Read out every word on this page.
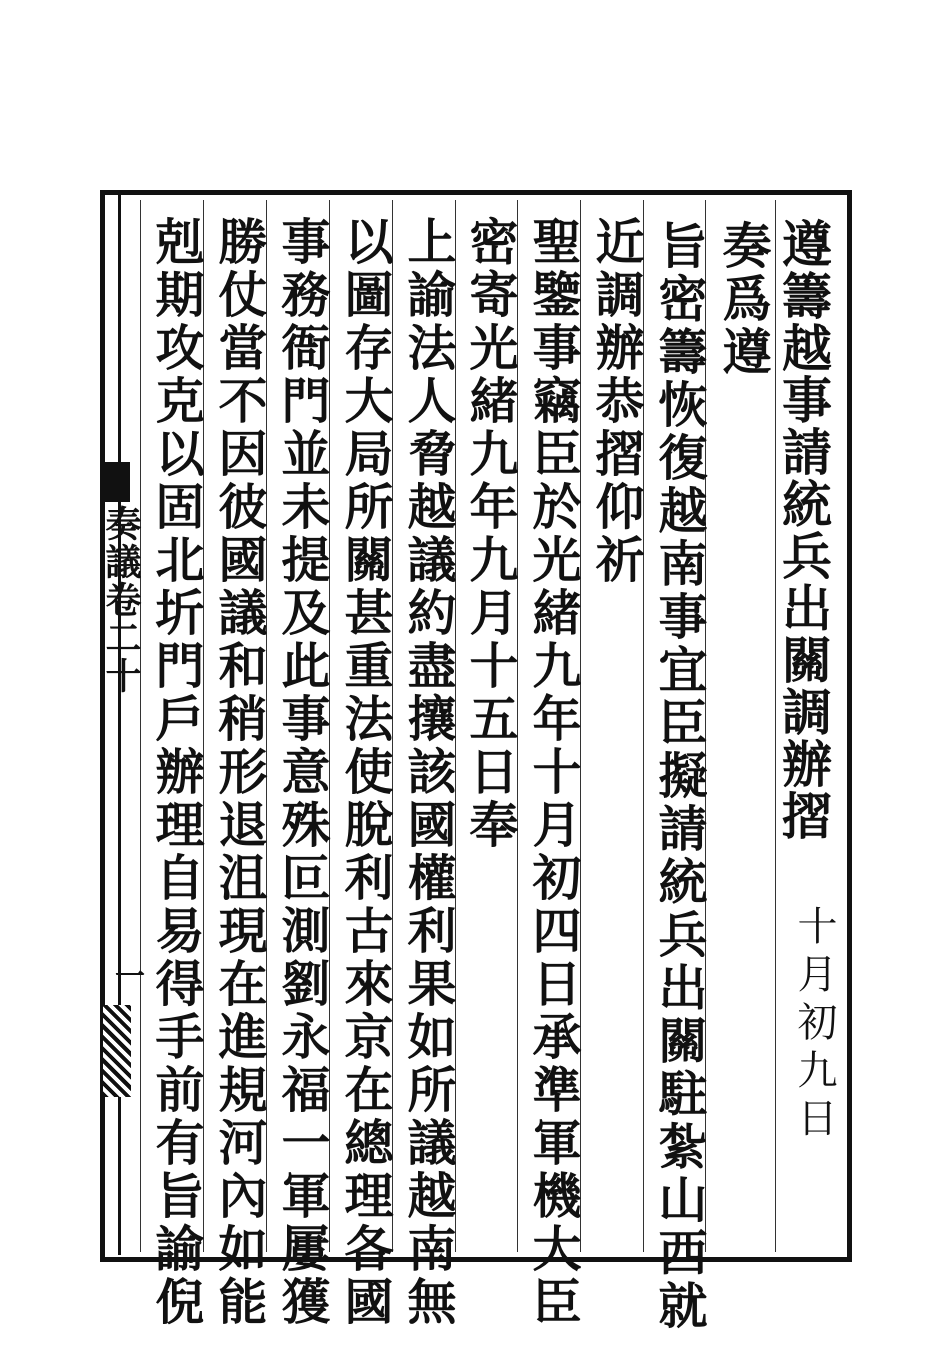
遵籌越事請統兵出關調辦摺
十月初九日
奏爲遵
旨密籌恢復越南事宜臣擬請統兵出關駐紮山西就
近調辦恭摺仰祈
聖鑒事竊臣於光緒九年十月初四日承準軍機大臣
密寄光緒九年九月十五日奉
上諭法人脅越議約盡攘該國權利果如所議越南無
以圖存大局所關甚重法使脫利古來京在總理各國
事務衙門並未提及此事意殊叵測劉永福一軍屢獲
勝仗當不因彼國議和稍形退沮現在進規河內如能
剋期攻克以固北圻門戶辦理自易得手前有旨諭倪
奏議卷二十
一
